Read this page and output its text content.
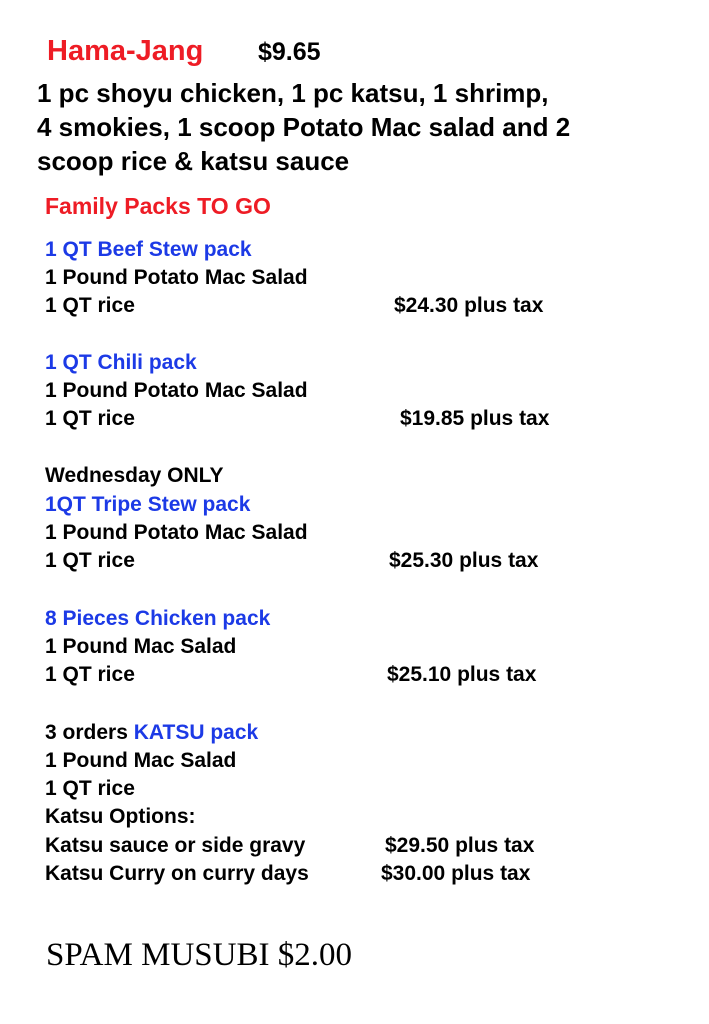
Hama-Jang $9.65
1 pc shoyu chicken, 1 pc katsu, 1 shrimp,
4 smokies, 1 scoop Potato Mac salad and 2
scoop rice & katsu sauce
Family Packs TO GO
1 QT Beef Stew pack
1 Pound Potato Mac Salad
1 QT rice	$24.30 plus tax
1 QT Chili pack
1 Pound Potato Mac Salad
1 QT rice	$19.85 plus tax
Wednesday ONLY
1QT Tripe Stew pack
1 Pound Potato Mac Salad
1 QT rice	$25.30 plus tax
8 Pieces Chicken pack
1 Pound Mac Salad
1 QT rice	$25.10 plus tax
3 orders KATSU pack
1 Pound Mac Salad
1 QT rice
Katsu Options:
Katsu sauce or side gravy	$29.50 plus tax
Katsu Curry on curry days	$30.00 plus tax
SPAM MUSUBI $2.00
